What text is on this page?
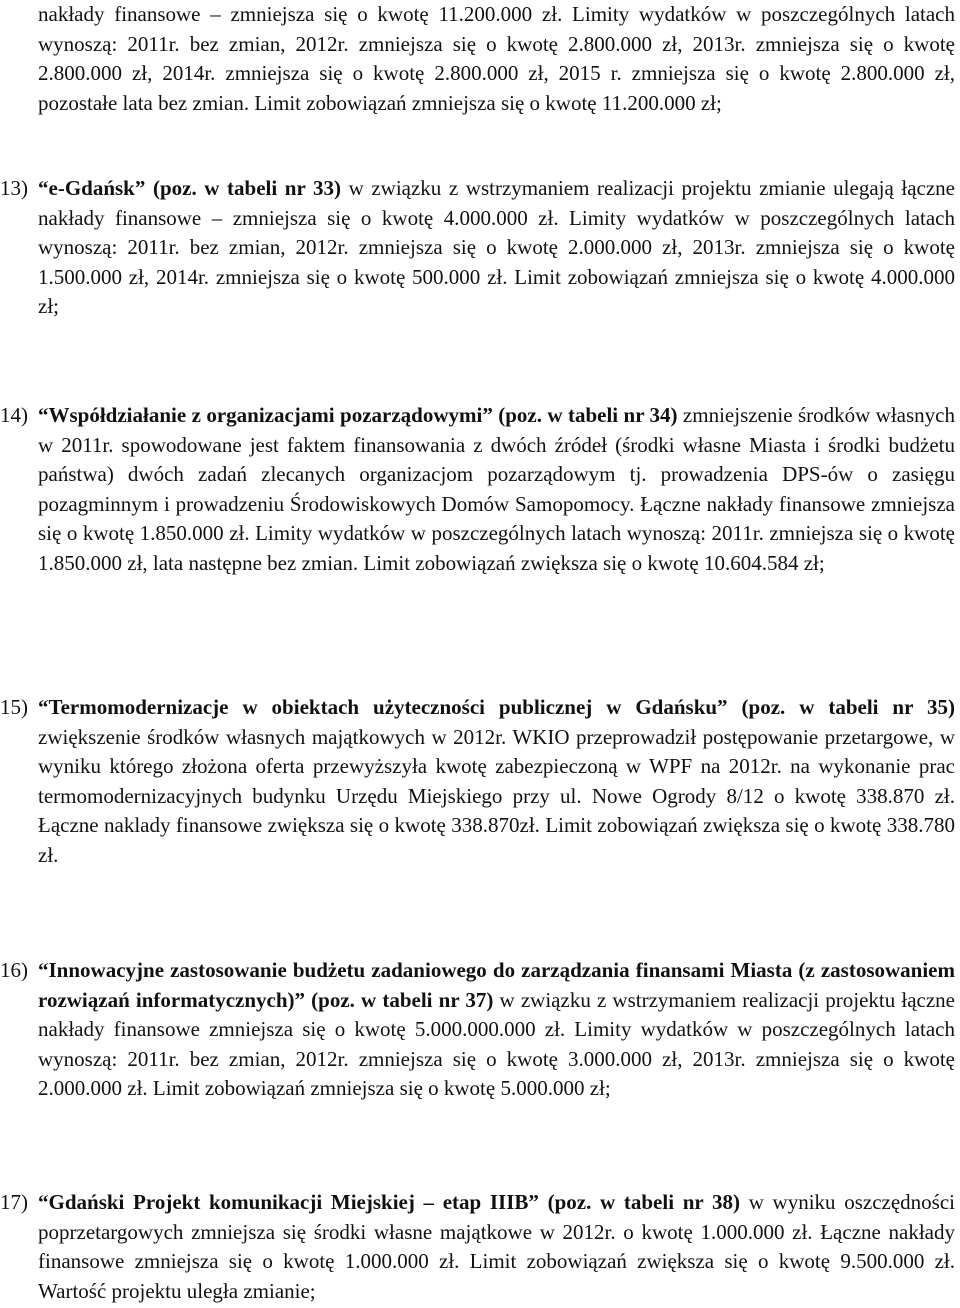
nakłady finansowe – zmniejsza się o kwotę 11.200.000 zł. Limity wydatków w poszczególnych latach wynoszą: 2011r. bez zmian, 2012r. zmniejsza się o kwotę 2.800.000 zł, 2013r. zmniejsza się o kwotę 2.800.000 zł, 2014r. zmniejsza się o kwotę 2.800.000 zł, 2015 r. zmniejsza się o kwotę 2.800.000 zł, pozostałe lata bez zmian. Limit zobowiązań zmniejsza się o kwotę 11.200.000 zł;

13) “e-Gdańsk” (poz. w tabeli nr 33) w związku z wstrzymaniem realizacji projektu zmianie ulegają łączne nakłady finansowe – zmniejsza się o kwotę 4.000.000 zł. Limity wydatków w poszczególnych latach wynoszą: 2011r. bez zmian, 2012r. zmniejsza się o kwotę 2.000.000 zł, 2013r. zmniejsza się o kwotę 1.500.000 zł, 2014r. zmniejsza się o kwotę 500.000 zł. Limit zobowiązań zmniejsza się o kwotę 4.000.000 zł;
14) “Współdziałanie z organizacjami pozarządowymi” (poz. w tabeli nr 34) zmniejszenie środków własnych w 2011r. spowodowane jest faktem finansowania z dwóch źródeł (środki własne Miasta i środki budżetu państwa) dwóch zadań zlecanych organizacjom pozarządowym tj. prowadzenia DPS-ów o zasięgu pozagminnym i prowadzeniu Środowiskowych Domów Samopomocy. Łączne nakłady finansowe zmniejsza się o kwotę 1.850.000 zł. Limity wydatków w poszczególnych latach wynoszą: 2011r. zmniejsza się o kwotę 1.850.000 zł, lata następne bez zmian. Limit zobowiązań zwiększa się o kwotę 10.604.584 zł;
15) “Termomodernizacje w obiektach użyteczności publicznej w Gdańsku” (poz. w tabeli nr 35) zwiększenie środków własnych majątkowych w 2012r. WKIO przeprowadził postępowanie przetargowe, w wyniku którego złożona oferta przewyższyła kwotę zabezpieczoną w WPF na 2012r. na wykonanie prac termomodernizacyjnych budynku Urzędu Miejskiego przy ul. Nowe Ogrody 8/12 o kwotę 338.870 zł. Łączne naklady finansowe zwiększa się o kwotę 338.870zł. Limit zobowiązań zwiększa się o kwotę 338.780 zł.
16) “Innowacyjne zastosowanie budżetu zadaniowego do zarządzania finansami Miasta (z zastosowaniem rozwiązań informatycznych)” (poz. w tabeli nr 37) w związku z wstrzymaniem realizacji projektu łączne nakłady finansowe zmniejsza się o kwotę 5.000.000.000 zł. Limity wydatków w poszczególnych latach wynoszą: 2011r. bez zmian, 2012r. zmniejsza się o kwotę 3.000.000 zł, 2013r. zmniejsza się o kwotę 2.000.000 zł. Limit zobowiązań zmniejsza się o kwotę 5.000.000 zł;
17) “Gdański Projekt komunikacji Miejskiej – etap IIIB” (poz. w tabeli nr 38) w wyniku oszczędności poprzetargowych zmniejsza się środki własne majątkowe w 2012r. o kwotę 1.000.000 zł. Łączne nakłady finansowe zmniejsza się o kwotę 1.000.000 zł. Limit zobowiązań zwiększa się o kwotę 9.500.000 zł. Wartość projektu uległa zmianie;
